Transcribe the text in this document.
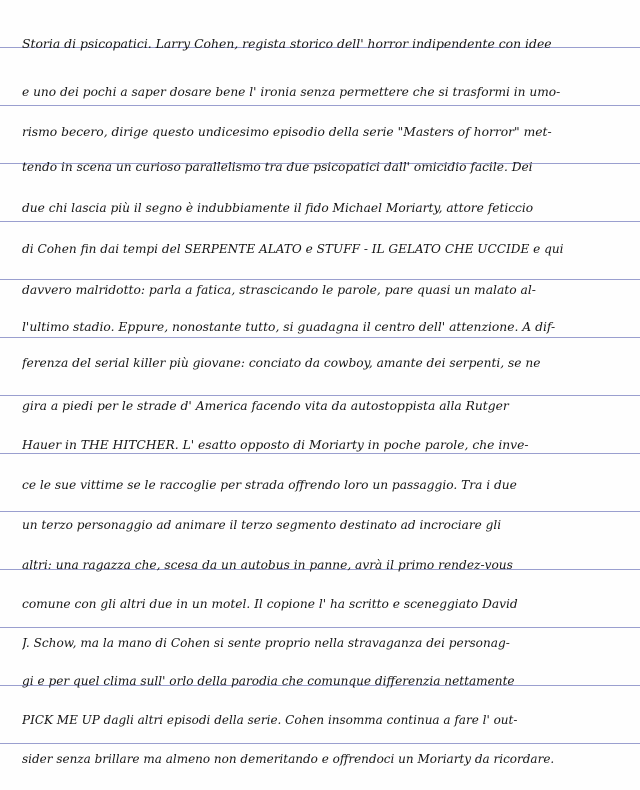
Storia di psicopatici. Larry Cohen, regista storico dell' horror indipendente con idee
e uno dei pochi a saper dosare bene l' ironia senza permettere che si trasformi in umo-
rismo becero, dirige questo undicesimo episodio della serie "Masters of horror" met-
tendo in scena un curioso parallelismo tra due psicopatici dall' omicidio facile. Dei
due chi lascia più il segno è indubbiamente il fido Michael Moriarty, attore feticcio
di Cohen fin dai tempi del SERPENTE ALATO e STUFF - IL GELATO CHE UCCIDE e qui
davvero malridotto: parla a fatica, strascicando le parole, pare quasi un malato al-
l'ultimo stadio. Eppure, nonostante tutto, si guadagna il centro dell' attenzione. A dif-
ferenza del serial killer più giovane: conciato da cowboy, amante dei serpenti, se ne
gira a piedi per le strade d' America facendo vita da autostoppista alla Rutger
Hauer in THE HITCHER. L' esatto opposto di Moriarty in poche parole, che invе-
ce le sue vittime se le raccoglie per strada offrendo loro un passaggio. Tra i due
un terzo personaggio ad animare il terzo segmento destinato ad incrociare gli
altri: una ragazza che, scesa da un autobus in panne, avrà il primo rendez-vous
comune con gli altri due in un motel. Il copione l' ha scritto e sceneggiato David
J. Schow, ma la mano di Cohen si sente proprio nella stravaganza dei personag-
gi e per quel clima sull' orlo della parodia che comunque differenzia nettamente
PICK ME UP dagli altri episodi della serie. Cohen insomma continua a fare l' out-
sider senza brillare ma almeno non demeritando e offrendoci un Moriarty da ricordare.
